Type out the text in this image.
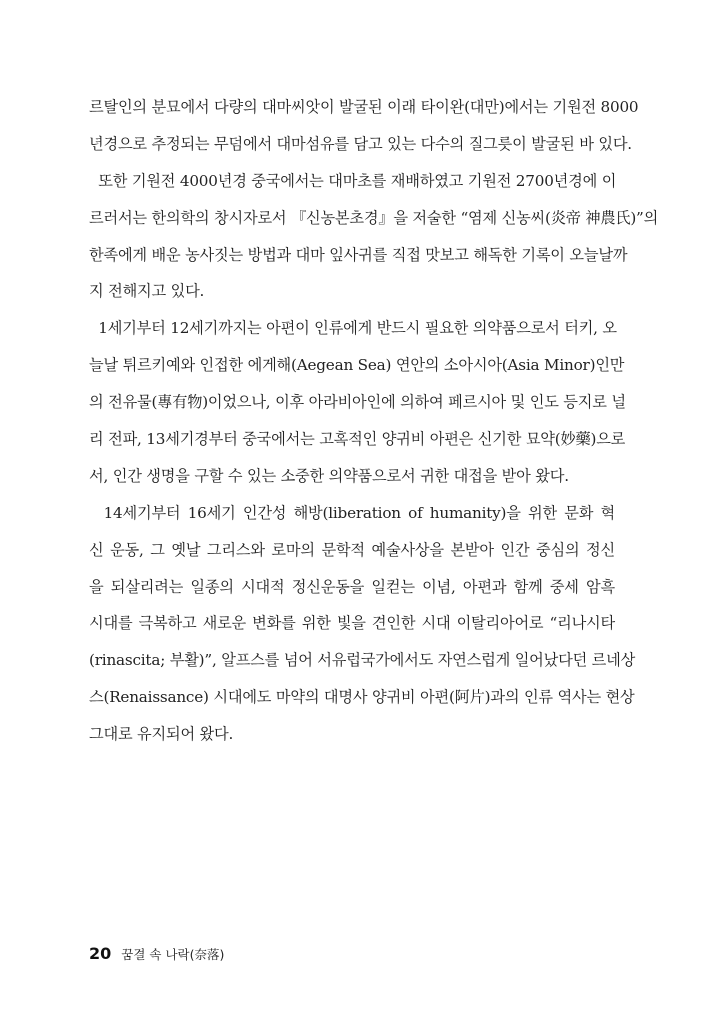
르탈인의 분묘에서 다량의 대마씨앗이 발굴된 이래 타이완(대만)에서는 기원전 8000
년경으로 추정되는 무덤에서 대마섬유를 담고 있는 다수의 질그릇이 발굴된 바 있다.
또한 기원전 4000년경 중국에서는 대마초를 재배하였고 기원전 2700년경에 이
르러서는 한의학의 창시자로서 『신농본초경』을 저술한 “염제 신농씨(炎帝 神農氏)”의
한족에게 배운 농사짓는 방법과 대마 잎사귀를 직접 맛보고 해독한 기록이 오늘날까
지 전해지고 있다.
1세기부터 12세기까지는 아편이 인류에게 반드시 필요한 의약품으로서 터키, 오
늘날 튀르키예와 인접한 에게해(Aegean Sea) 연안의 소아시아(Asia Minor)인만
의 전유물(專有物)이었으나, 이후 아라비아인에 의하여 페르시아 및 인도 등지로 널
리 전파, 13세기경부터 중국에서는 고혹적인 양귀비 아편은 신기한 묘약(妙藥)으로
서, 인간 생명을 구할 수 있는 소중한 의약품으로서 귀한 대접을 받아 왔다.
14세기부터 16세기 인간성 해방(liberation of humanity)을 위한 문화 혁
신 운동, 그 옛날 그리스와 로마의 문학적 예술사상을 본받아 인간 중심의 정신
을 되살리려는 일종의 시대적 정신운동을 일컫는 이념, 아편과 함께 중세 암흑
시대를 극복하고 새로운 변화를 위한 빛을 견인한 시대 이탈리아어로 “리나시타
(rinascita; 부활)”, 알프스를 넘어 서유럽국가에서도 자연스럽게 일어났다던 르네상
스(Renaissance) 시대에도 마약의 대명사 양귀비 아편(阿片)과의 인류 역사는 현상
그대로 유지되어 왔다.
20 꿈결 속 나락(奈落)
